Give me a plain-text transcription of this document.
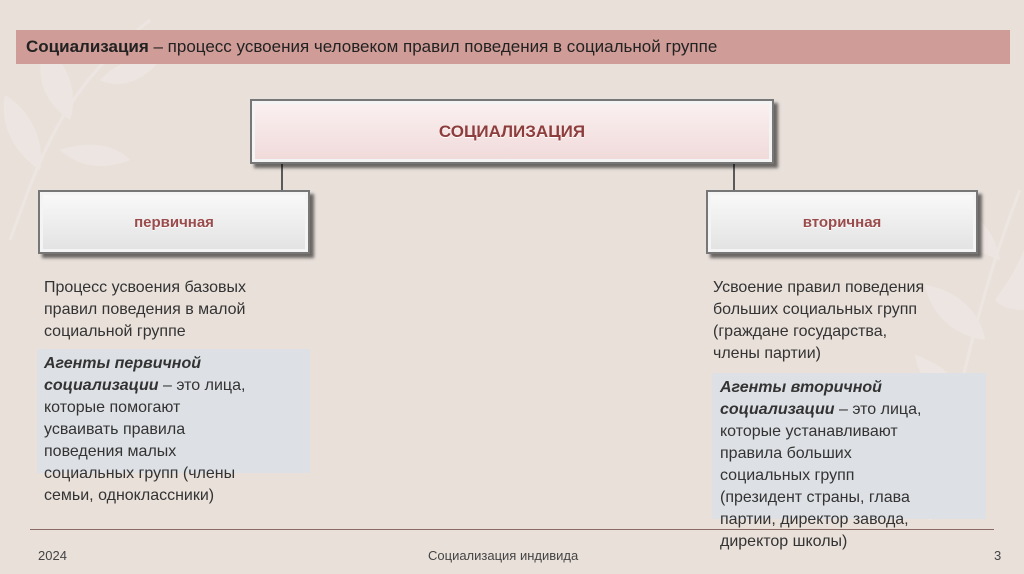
Социализация – процесс усвоения человеком правил поведения в социальной группе
СОЦИАЛИЗАЦИЯ
первичная	вторичная
Процесс усвоения базовых
правил поведения в малой
социальной группе
Агенты первичной
социализации – это лица,
которые помогают
усваивать правила
поведения малых
социальных групп (члены
семьи, одноклассники)
Усвоение правил поведения
больших социальных групп
(граждане государства,
члены партии)
Агенты вторичной
социализации – это лица,
которые устанавливают
правила больших
социальных групп
(президент страны, глава
партии, директор завода,
директор школы)
2024	Социализация индивида	3
